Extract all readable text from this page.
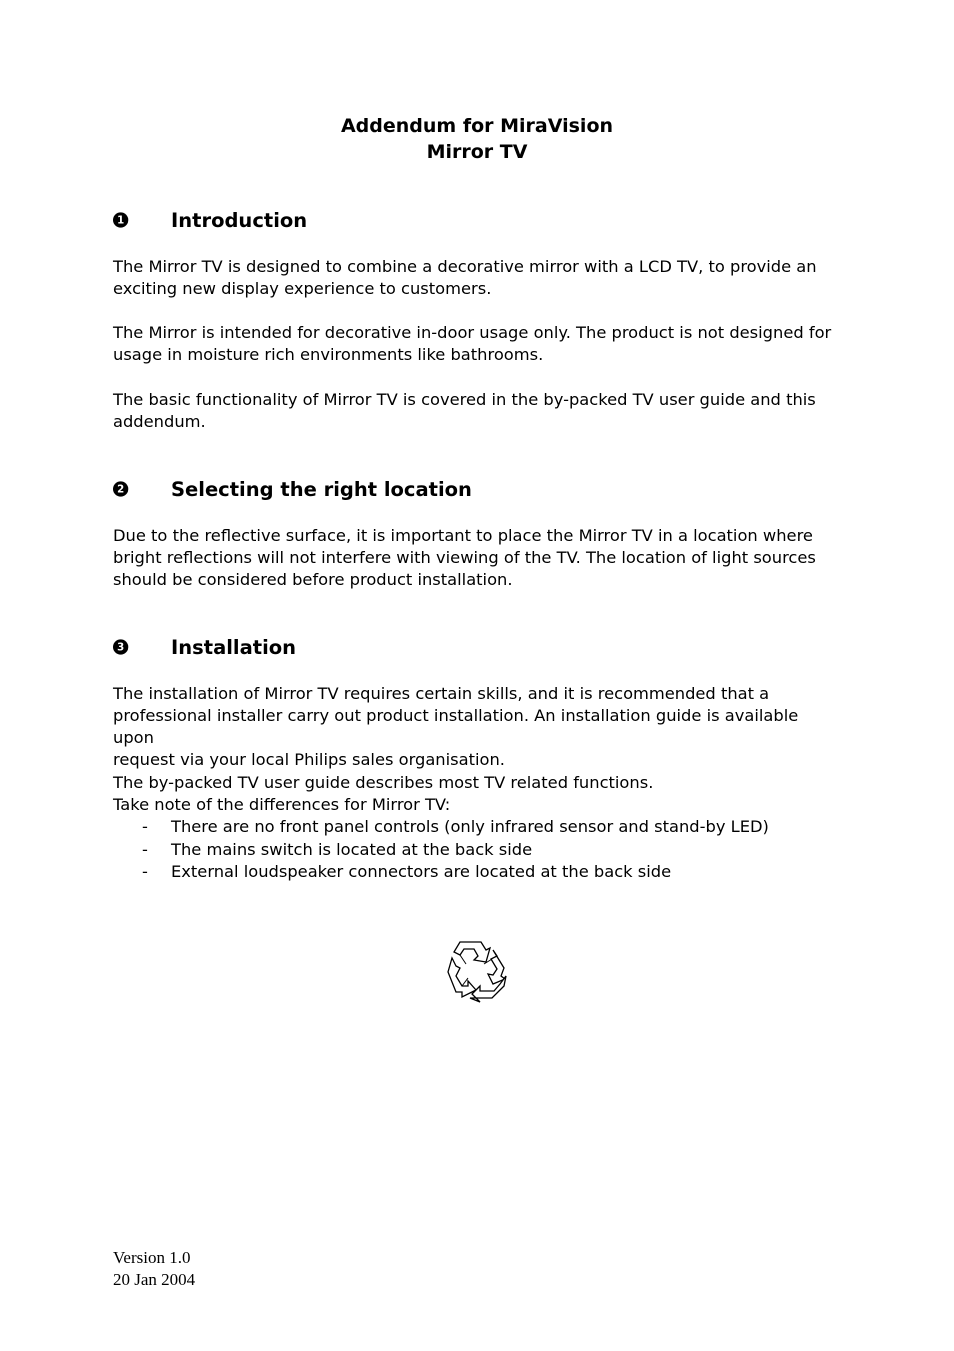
Addendum for MiraVision
Mirror TV
1 Introduction

The Mirror TV is designed to combine a decorative mirror with a LCD TV, to provide an

exciting new display experience to customers.

The Mirror is intended for decorative in-door usage only. The product is not designed for

usage in moisture rich environments like bathrooms.

The basic functionality of Mirror TV is covered in the by-packed TV user guide and this

addendum.

2 Selecting the right location

Due to the reflective surface, it is important to place the Mirror TV in a location where

bright reflections will not interfere with viewing of the TV. The location of light sources

should be considered before product installation.

3 Installation

The installation of Mirror TV requires certain skills, and it is recommended that a

professional installer carry out product installation. An installation guide is available upon

request via your local Philips sales organisation.

The by-packed TV user guide describes most TV related functions.

Take note of the differences for Mirror TV:

- There are no front panel controls (only infrared sensor and stand-by LED)
- The mains switch is located at the back side
- External loudspeaker connectors are located at the back side
Version 1.0
20 Jan 2004
